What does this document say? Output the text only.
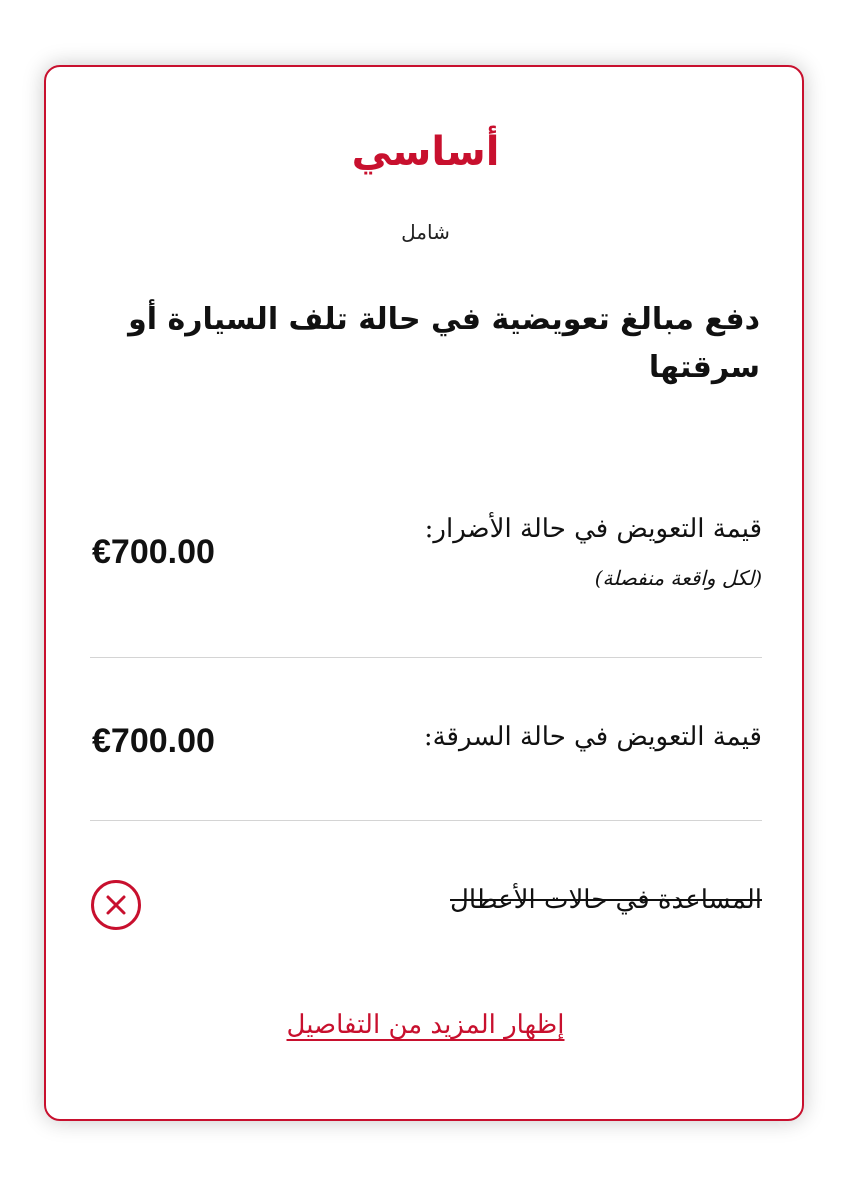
أساسي
شامل
دفع مبالغ تعويضية في حالة تلف السيارة أو سرقتها
قيمة التعويض في حالة الأضرار:
(لكل واقعة منفصلة)
€700.00
قيمة التعويض في حالة السرقة:
€700.00
المساعدة في حالات الأعطال
إظهار المزيد من التفاصيل
